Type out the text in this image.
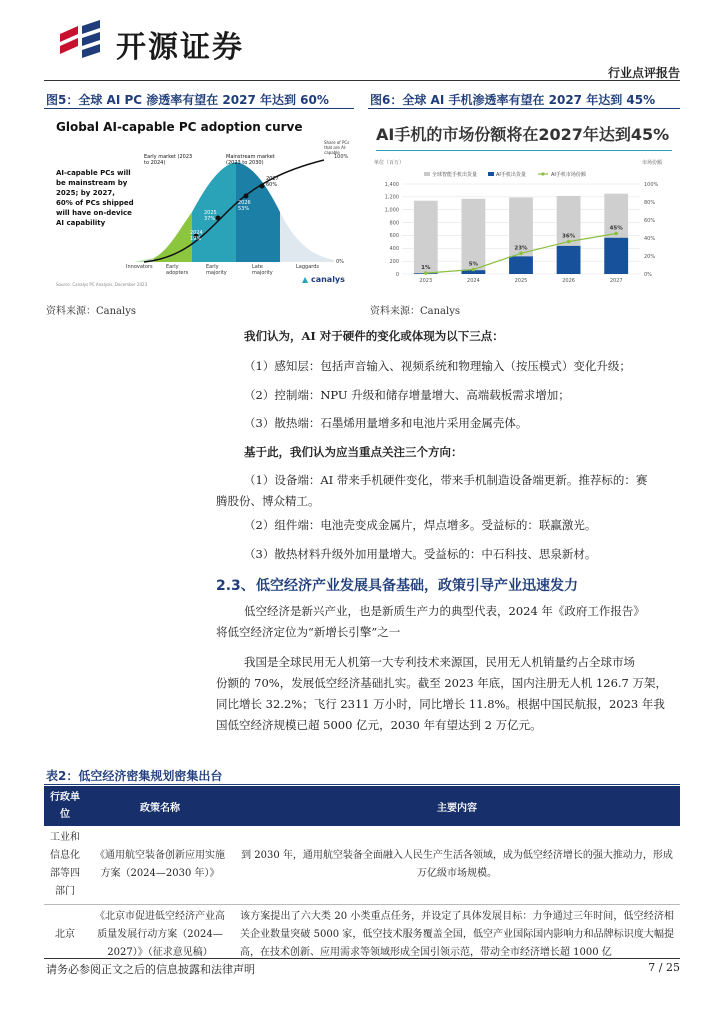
开源证券
行业点评报告
图5：全球 AI PC 渗透率有望在 2027 年达到 60%
Global AI-capable PC adoption curve
AI-capable PCs will be mainstream by 2025; by 2027, 60% of PCs shipped will have on-device AI capability
Share of PCs that are AI-capable
100%
0%
Early market (2023 to 2024)
Mainstream market (2023 to 2030)
2024 19%
2025 37%
2026 53%
2027 60%
Innovators	Early adopters
Early majority
Late majority
Laggards
Source: Canalys PC Analysis, December 2023
▲ canalys
资料来源：Canalys
图6：全球 AI 手机渗透率有望在 2027 年达到 45%
AI手机的市场份额将在2027年达到45%
单位（百万）	市场份额
全球智能手机出货量	AI手机出货量	AI手机市场份额
0
200
400
600
800
1,000
1,200
1,400
0%
20%
40%
60%
80%
100%
2023	2024	2025	2026	2027
1%
5%
23%
36%
45%
资料来源：Canalys
我们认为，AI 对于硬件的变化或体现为以下三点：
（1）感知层：包括声音输入、视频系统和物理输入（按压模式）变化升级；
（2）控制端：NPU 升级和储存增量增大、高端载板需求增加；
（3）散热端：石墨烯用量增多和电池片采用金属壳体。
基于此，我们认为应当重点关注三个方向：
（1）设备端：AI 带来手机硬件变化，带来手机制造设备端更新。推荐标的：赛
腾股份、博众精工。
（2）组件端：电池壳变成金属片，焊点增多。受益标的：联赢激光。
（3）散热材料升级外加用量增大。受益标的：中石科技、思泉新材。
2.3、 低空经济产业发展具备基础，政策引导产业迅速发力
低空经济是新兴产业，也是新质生产力的典型代表，2024 年《政府工作报告》
将低空经济定位为“新增长引擎”之一
我国是全球民用无人机第一大专利技术来源国，民用无人机销量约占全球市场
份额的 70%，发展低空经济基础扎实。截至 2023 年底，国内注册无人机 126.7 万架，
同比增长 32.2%；飞行 2311 万小时，同比增长 11.8%。根据中国民航报，2023 年我
国低空经济规模已超 5000 亿元，2030 年有望达到 2 万亿元。
表2：低空经济密集规划密集出台
行政单位	政策名称	主要内容
工业和信息化部等四部门	《通用航空装备创新应用实施方案（2024—2030 年）》	到 2030 年，通用航空装备全面融入人民生产生活各领域，成为低空经济增长的强大推动力，形成万亿级市场规模。
北京	《北京市促进低空经济产业高质量发展行动方案（2024—2027）》（征求意见稿）	该方案提出了六大类 20 小类重点任务，并设定了具体发展目标：力争通过三年时间，低空经济相关企业数量突破 5000 家，低空技术服务覆盖全国，低空产业国际国内影响力和品牌标识度大幅提高，在技术创新、应用需求等领域形成全国引领示范，带动全市经济增长超 1000 亿
请务必参阅正文之后的信息披露和法律声明	7 / 25
